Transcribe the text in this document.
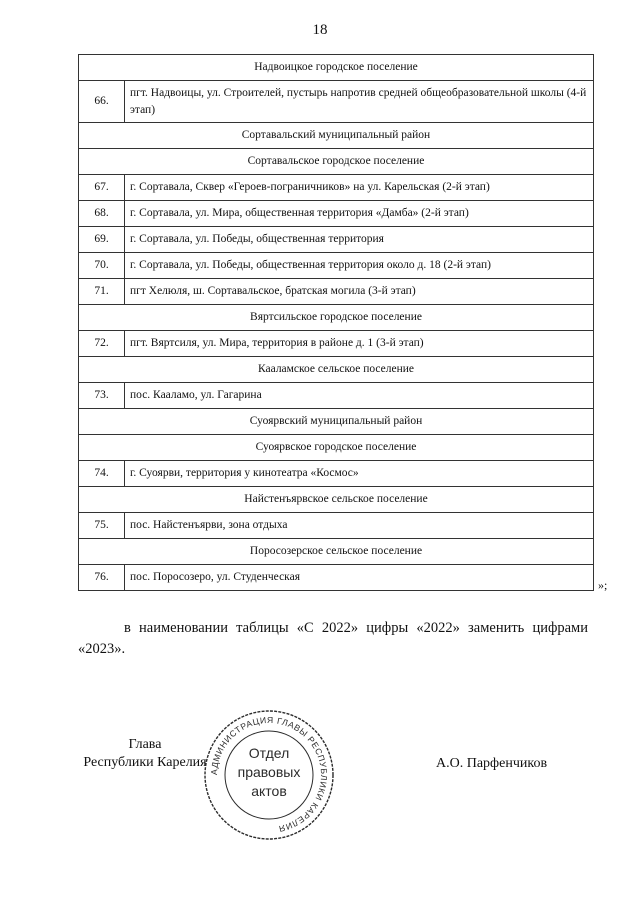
18
Надвоицкое городское поселение	
66.	пгт. Надвоицы, ул. Строителей, пустырь напротив средней общеобразовательной школы (4-й этап)
Сортавальский муниципальный район	
Сортавальское городское поселение	
67.	г. Сортавала, Сквер «Героев-пограничников» на ул. Карельская (2-й этап)
68.	г. Сортавала, ул. Мира, общественная территория «Дамба» (2-й этап)
69.	г. Сортавала, ул. Победы, общественная территория
70.	г. Сортавала, ул. Победы, общественная территория около д. 18 (2-й этап)
71.	пгт Хелюля, ш. Сортавальское, братская могила (3-й этап)
Вяртсильское городское поселение	
72.	пгт. Вяртсиля, ул. Мира, территория в районе д. 1 (3-й этап)
Кааламское сельское поселение	
73.	пос. Кааламо, ул. Гагарина
Суоярвский муниципальный район	
Суоярвское городское поселение	
74.	г. Суоярви, территория у кинотеатра «Космос»
Найстенъярвское сельское поселение	
75.	пос. Найстенъярви, зона отдыха
Поросозерское сельское поселение	
76.	пос. Поросозеро, ул. Студенческая
»;
в наименовании таблицы «С 2022» цифры «2022» заменить цифрами «2023».
Глава
Республики Карелия
АДМИНИСТРАЦИЯ ГЛАВЫ РЕСПУБЛИКИ КАРЕЛИЯ
Отдел
правовых
актов
А.О. Парфенчиков
